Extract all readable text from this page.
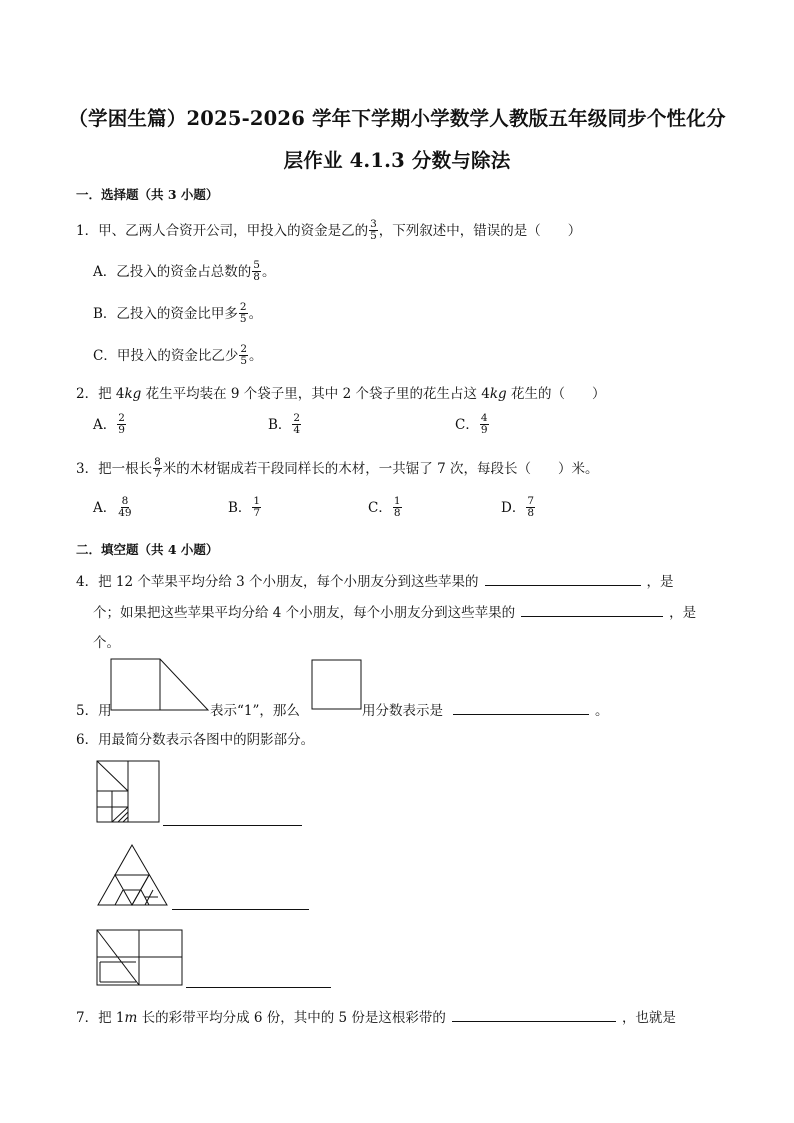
（学困生篇）2025-2026 学年下学期小学数学人教版五年级同步个性化分
层作业 4.1.3 分数与除法
一．选择题（共 3 小题）
1．甲、乙两人合资开公司，甲投入的资金是乙的 $\frac{3}{5}$ ，下列叙述中，错误的是（　　）
A．乙投入的资金占总数的 $\frac{5}{8}$ 。
B．乙投入的资金比甲多 $\frac{2}{5}$ 。
C．甲投入的资金比乙少 $\frac{2}{5}$ 。
2．把 4kg 花生平均装在 9 个袋子里，其中 2 个袋子里的花生占这 4kg 花生的（　　）
A． $\frac{2}{9}$	B． $\frac{2}{4}$	C． $\frac{4}{9}$
3．把一根长 $\frac{8}{7}$ 米的木材锯成若干段同样长的木材，一共锯了 7 次，每段长（　　）米。
A． $\frac{8}{49}$	B． $\frac{1}{7}$	C． $\frac{1}{8}$	D． $\frac{7}{8}$
二．填空题（共 4 小题）
4．把 12 个苹果平均分给 3 个小朋友，每个小朋友分到这些苹果的	，是
个；如果把这些苹果平均分给 4 个小朋友，每个小朋友分到这些苹果的	，是
个。
5．用	表示“1”，那么	用分数表示是	。
6．用最简分数表示各图中的阴影部分。
7．把 1m 长的彩带平均分成 6 份，其中的 5 份是这根彩带的	，也就是
